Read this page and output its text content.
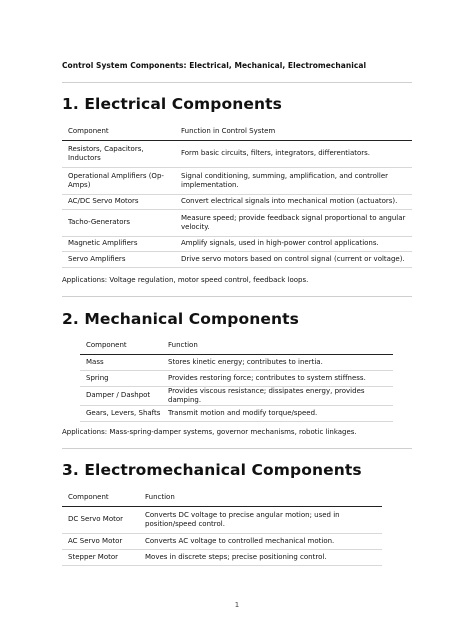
Control System Components: Electrical, Mechanical, Electromechanical
1. Electrical Components
Component	Function in Control System
Resistors, Capacitors, Inductors	Form basic circuits, filters, integrators, differentiators.
Operational Amplifiers (Op-Amps)	Signal conditioning, summing, amplification, and controller implementation.
AC/DC Servo Motors	Convert electrical signals into mechanical motion (actuators).
Tacho-Generators	Measure speed; provide feedback signal proportional to angular velocity.
Magnetic Amplifiers	Amplify signals, used in high-power control applications.
Servo Amplifiers	Drive servo motors based on control signal (current or voltage).
Applications: Voltage regulation, motor speed control, feedback loops.
2. Mechanical Components
Component	Function
Mass	Stores kinetic energy; contributes to inertia.
Spring	Provides restoring force; contributes to system stiffness.
Damper / Dashpot	Provides viscous resistance; dissipates energy, provides damping.
Gears, Levers, Shafts	Transmit motion and modify torque/speed.
Applications: Mass-spring-damper systems, governor mechanisms, robotic linkages.
3. Electromechanical Components
Component	Function
DC Servo Motor	Converts DC voltage to precise angular motion; used in position/speed control.
AC Servo Motor	Converts AC voltage to controlled mechanical motion.
Stepper Motor	Moves in discrete steps; precise positioning control.
1
